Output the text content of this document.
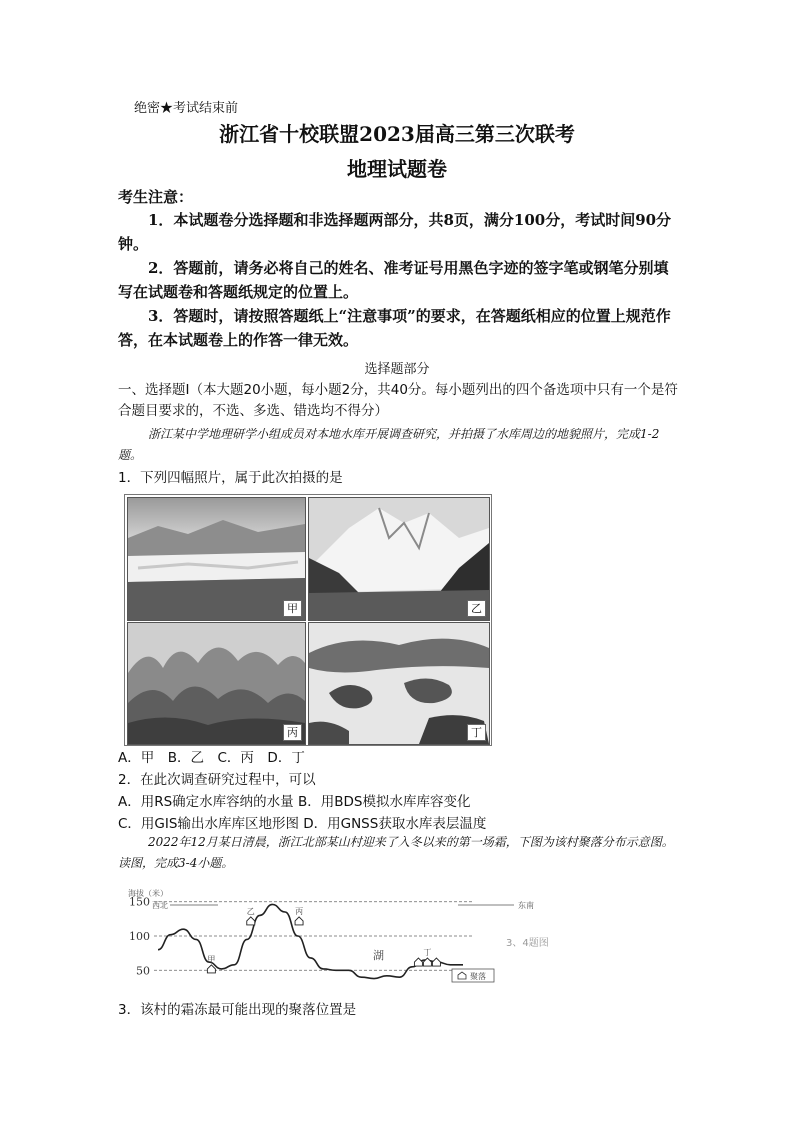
绝密★考试结束前
浙江省十校联盟2023届高三第三次联考
地理试题卷
考生注意：
1．本试题卷分选择题和非选择题两部分，共8页，满分100分，考试时间90分钟。
2．答题前，请务必将自己的姓名、准考证号用黑色字迹的签字笔或钢笔分别填写在试题卷和答题纸规定的位置上。
3．答题时，请按照答题纸上“注意事项”的要求，在答题纸相应的位置上规范作答，在本试题卷上的作答一律无效。
选择题部分
一、选择题Ⅰ（本大题20小题，每小题2分，共40分。每小题列出的四个备选项中只有一个是符合题目要求的，不选、多选、错选均不得分）
浙江某中学地理研学小组成员对本地水库开展调查研究，并拍摄了水库周边的地貌照片，完成1-2题。
1．下列四幅照片，属于此次拍摄的是
甲	乙
丙	丁
A．甲　B．乙　C．丙　D．丁
2．在此次调查研究过程中，可以
A．用RS确定水库容纳的水量 B．用BDS模拟水库库容变化
C．用GIS输出水库库区地形图 D．用GNSS获取水库表层温度
2022年12月某日清晨，浙江北部某山村迎来了入冬以来的第一场霜，下图为该村聚落分布示意图。读图，完成3-4小题。
50
100
150
甲
乙	丙
丁
海拔（米）
西北	东南
湖
聚落
3、4题图
3．该村的霜冻最可能出现的聚落位置是
